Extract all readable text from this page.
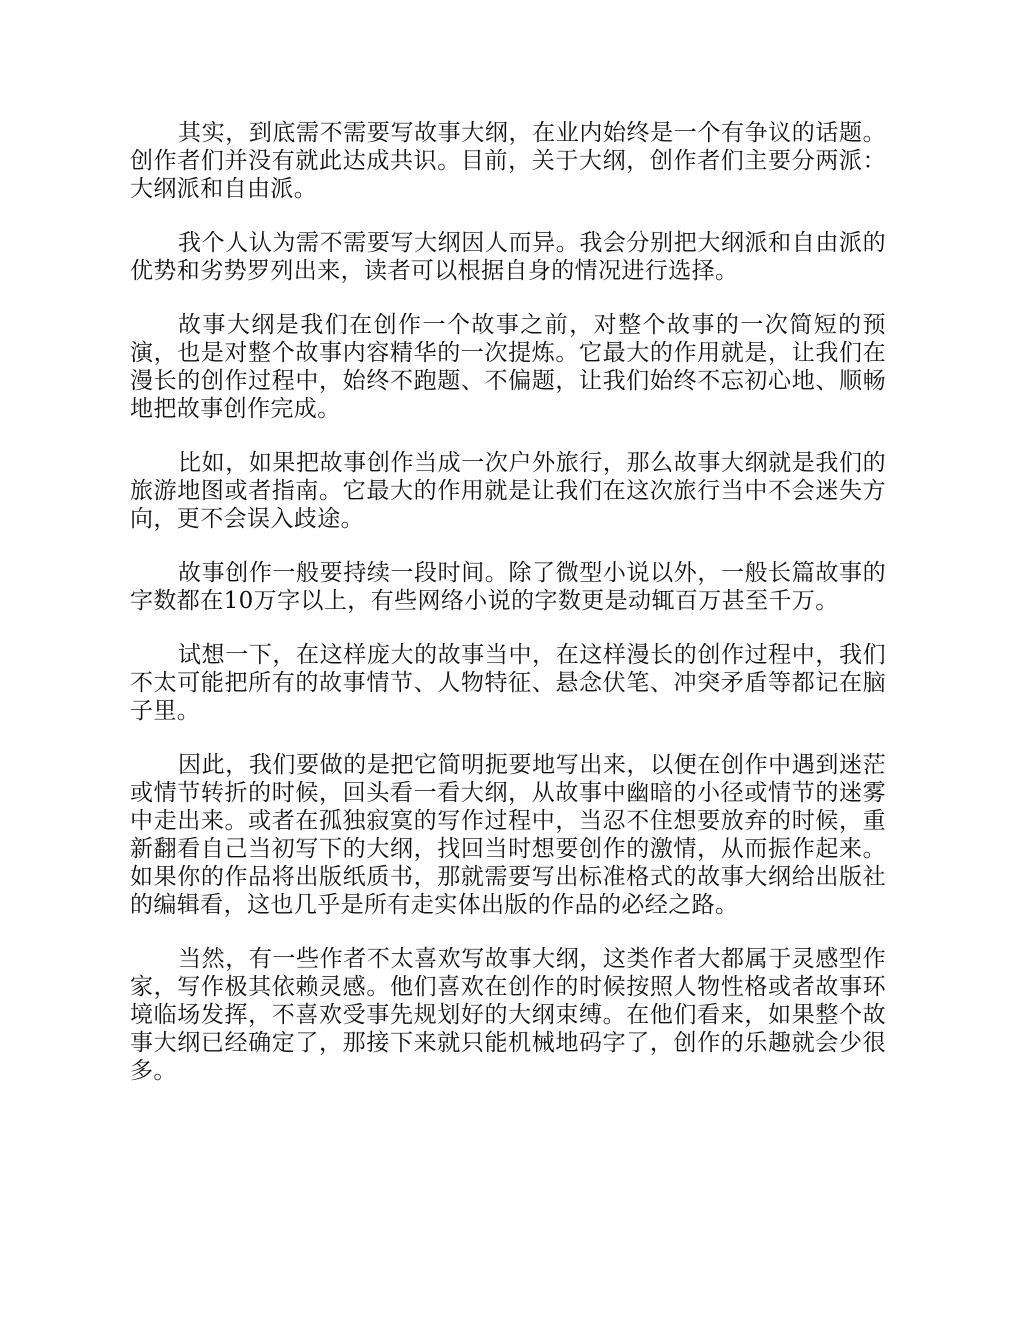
其实，到底需不需要写故事大纲，在业内始终是一个有争议的话题。创作者们并没有就此达成共识。目前，关于大纲，创作者们主要分两派：大纲派和自由派。

我个人认为需不需要写大纲因人而异。我会分别把大纲派和自由派的优势和劣势罗列出来，读者可以根据自身的情况进行选择。

故事大纲是我们在创作一个故事之前，对整个故事的一次简短的预演，也是对整个故事内容精华的一次提炼。它最大的作用就是，让我们在漫长的创作过程中，始终不跑题、不偏题，让我们始终不忘初心地、顺畅地把故事创作完成。

比如，如果把故事创作当成一次户外旅行，那么故事大纲就是我们的旅游地图或者指南。它最大的作用就是让我们在这次旅行当中不会迷失方向，更不会误入歧途。

故事创作一般要持续一段时间。除了微型小说以外，一般长篇故事的字数都在10万字以上，有些网络小说的字数更是动辄百万甚至千万。

试想一下，在这样庞大的故事当中，在这样漫长的创作过程中，我们不太可能把所有的故事情节、人物特征、悬念伏笔、冲突矛盾等都记在脑子里。

因此，我们要做的是把它简明扼要地写出来，以便在创作中遇到迷茫或情节转折的时候，回头看一看大纲，从故事中幽暗的小径或情节的迷雾中走出来。或者在孤独寂寞的写作过程中，当忍不住想要放弃的时候，重新翻看自己当初写下的大纲，找回当时想要创作的激情，从而振作起来。如果你的作品将出版纸质书，那就需要写出标准格式的故事大纲给出版社的编辑看，这也几乎是所有走实体出版的作品的必经之路。

当然，有一些作者不太喜欢写故事大纲，这类作者大都属于灵感型作家，写作极其依赖灵感。他们喜欢在创作的时候按照人物性格或者故事环境临场发挥，不喜欢受事先规划好的大纲束缚。在他们看来，如果整个故事大纲已经确定了，那接下来就只能机械地码字了，创作的乐趣就会少很多。
